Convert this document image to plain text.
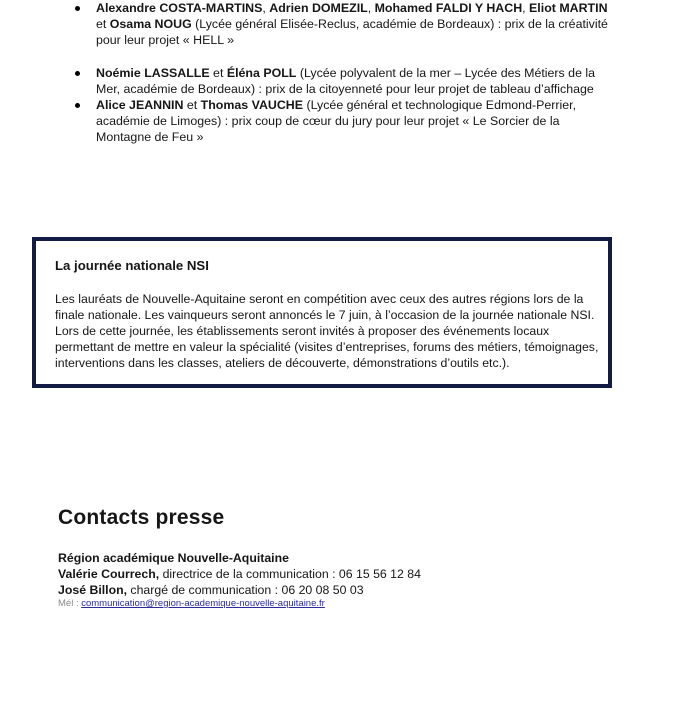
Alexandre COSTA-MARTINS, Adrien DOMEZIL, Mohamed FALDI Y HACH, Eliot MARTIN et Osama NOUG (Lycée général Elisée-Reclus, académie de Bordeaux) : prix de la créativité pour leur projet « HELL »
Noémie LASSALLE et Éléna POLL (Lycée polyvalent de la mer – Lycée des Métiers de la Mer, académie de Bordeaux) : prix de la citoyenneté pour leur projet de tableau d’affichage
Alice JEANNIN et Thomas VAUCHE (Lycée général et technologique Edmond-Perrier, académie de Limoges) : prix coup de cœur du jury pour leur projet « Le Sorcier de la Montagne de Feu »
La journée nationale NSI
Les lauréats de Nouvelle-Aquitaine seront en compétition avec ceux des autres régions lors de la finale nationale. Les vainqueurs seront annoncés le 7 juin, à l’occasion de la journée nationale NSI. Lors de cette journée, les établissements seront invités à proposer des événements locaux permettant de mettre en valeur la spécialité (visites d’entreprises, forums des métiers, témoignages, interventions dans les classes, ateliers de découverte, démonstrations d’outils etc.).
Contacts presse
Région académique Nouvelle-Aquitaine
Valérie Courrech, directrice de la communication : 06 15 56 12 84
José Billon, chargé de communication : 06 20 08 50 03
Mél : communication@region-academique-nouvelle-aquitaine.fr
